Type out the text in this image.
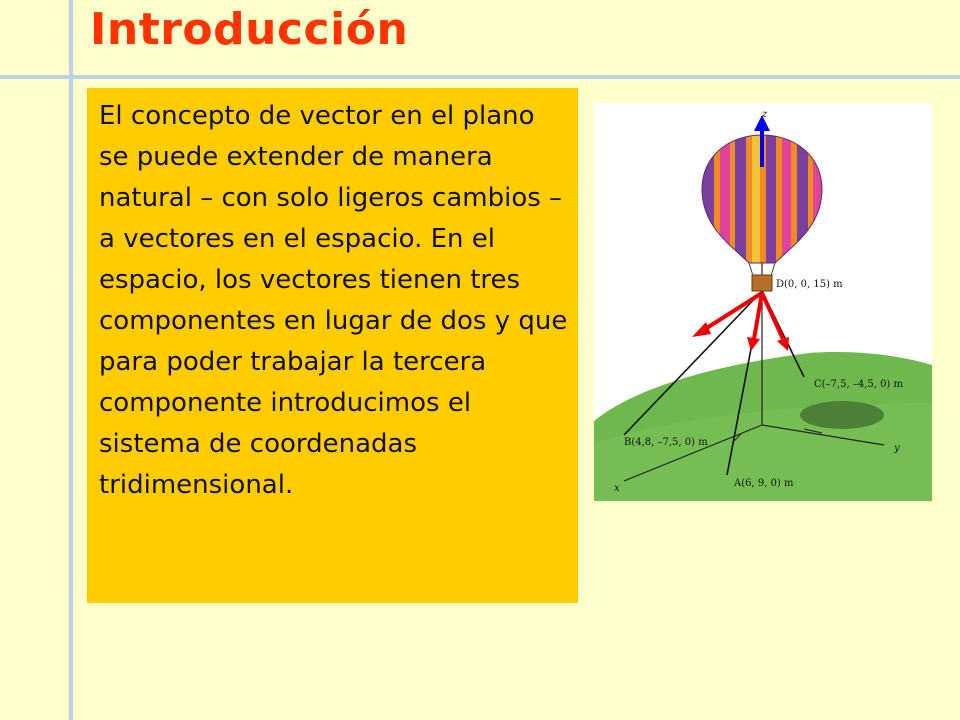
Introducción
El concepto de vector en el plano se puede extender de manera natural – con solo ligeros cambios – a vectores en el espacio. En el espacio, los vectores tienen tres componentes en lugar de dos y que para poder trabajar la tercera componente introducimos el sistema de coordenadas tridimensional.
z
y
x
D(0, 0, 15) m
C(–7,5, –4,5, 0) m
B(4,8, –7,5, 0) m
A(6, 9, 0) m
